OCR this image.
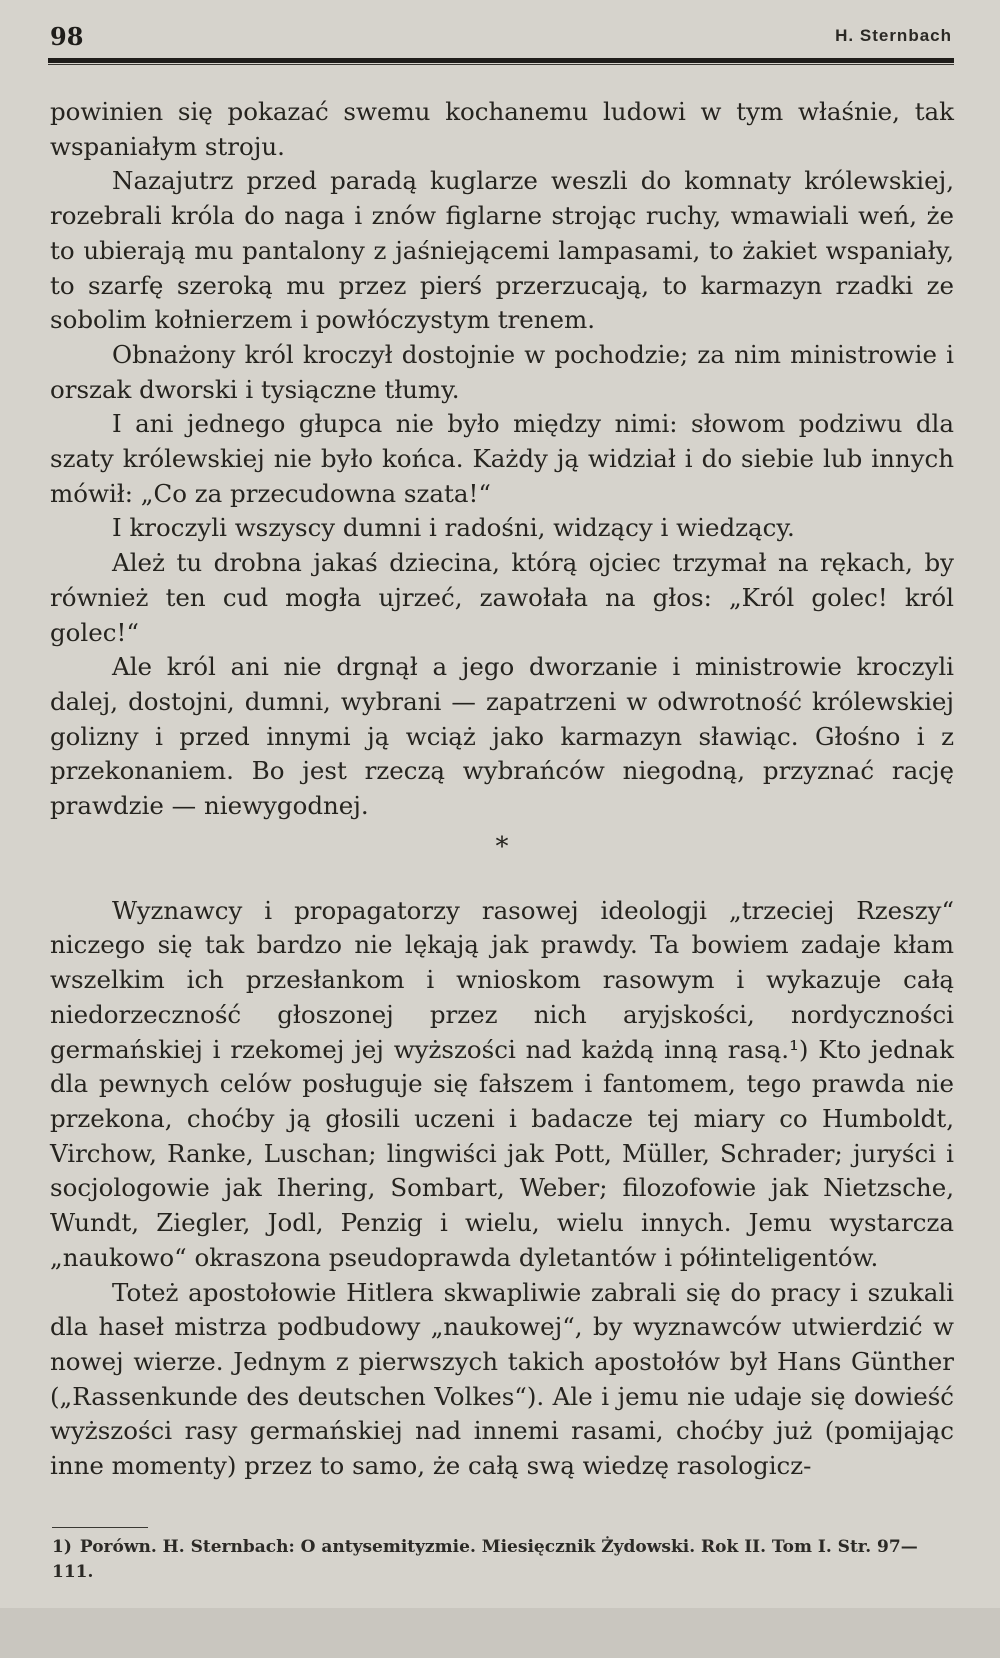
98	H. Sternbach

powinien się pokazać swemu kochanemu ludowi w tym właśnie, tak wspaniałym stroju.

Nazajutrz przed paradą kuglarze weszli do komnaty królewskiej, rozebrali króla do naga i znów figlarne strojąc ruchy, wmawiali weń, że to ubierają mu pantalony z jaśniejącemi lampasami, to żakiet wspaniały, to szarfę szeroką mu przez pierś przerzucają, to karmazyn rzadki ze sobolim kołnierzem i powłóczystym trenem.

Obnażony król kroczył dostojnie w pochodzie; za nim ministrowie i orszak dworski i tysiączne tłumy.

I ani jednego głupca nie było między nimi: słowom podziwu dla szaty królewskiej nie było końca. Każdy ją widział i do siebie lub innych mówił: „Co za przecudowna szata!“

I kroczyli wszyscy dumni i radośni, widzący i wiedzący.

Ależ tu drobna jakaś dziecina, którą ojciec trzymał na rękach, by również ten cud mogła ujrzeć, zawołała na głos: „Król golec! król golec!“

Ale król ani nie drgnął a jego dworzanie i ministrowie kroczyli dalej, dostojni, dumni, wybrani — zapatrzeni w odwrotność królewskiej golizny i przed innymi ją wciąż jako karmazyn sławiąc. Głośno i z przekonaniem. Bo jest rzeczą wybrańców niegodną, przyznać rację prawdzie — niewygodnej.

*

Wyznawcy i propagatorzy rasowej ideologji „trzeciej Rzeszy“ niczego się tak bardzo nie lękają jak prawdy. Ta bowiem zadaje kłam wszelkim ich przesłankom i wnioskom rasowym i wykazuje całą niedorzeczność głoszonej przez nich aryjskości, nordyczności germańskiej i rzekomej jej wyższości nad każdą inną rasą.¹) Kto jednak dla pewnych celów posługuje się fałszem i fantomem, tego prawda nie przekona, choćby ją głosili uczeni i badacze tej miary co Humboldt, Virchow, Ranke, Luschan; lingwiści jak Pott, Müller, Schrader; juryści i socjologowie jak Ihering, Sombart, Weber; filozofowie jak Nietzsche, Wundt, Ziegler, Jodl, Penzig i wielu, wielu innych. Jemu wystarcza „naukowo“ okraszona pseudoprawda dyletantów i półinteligentów.

Toteż apostołowie Hitlera skwapliwie zabrali się do pracy i szukali dla haseł mistrza podbudowy „naukowej“, by wyznawców utwierdzić w nowej wierze. Jednym z pierwszych takich apostołów był Hans Günther („Rassenkunde des deutschen Volkes“). Ale i jemu nie udaje się dowieść wyższości rasy germańskiej nad innemi rasami, choćby już (pomijając inne momenty) przez to samo, że całą swą wiedzę rasologicz-

1) Porówn. H. Sternbach: O antysemityzmie. Miesięcznik Żydowski. Rok II. Tom I. Str. 97—111.
